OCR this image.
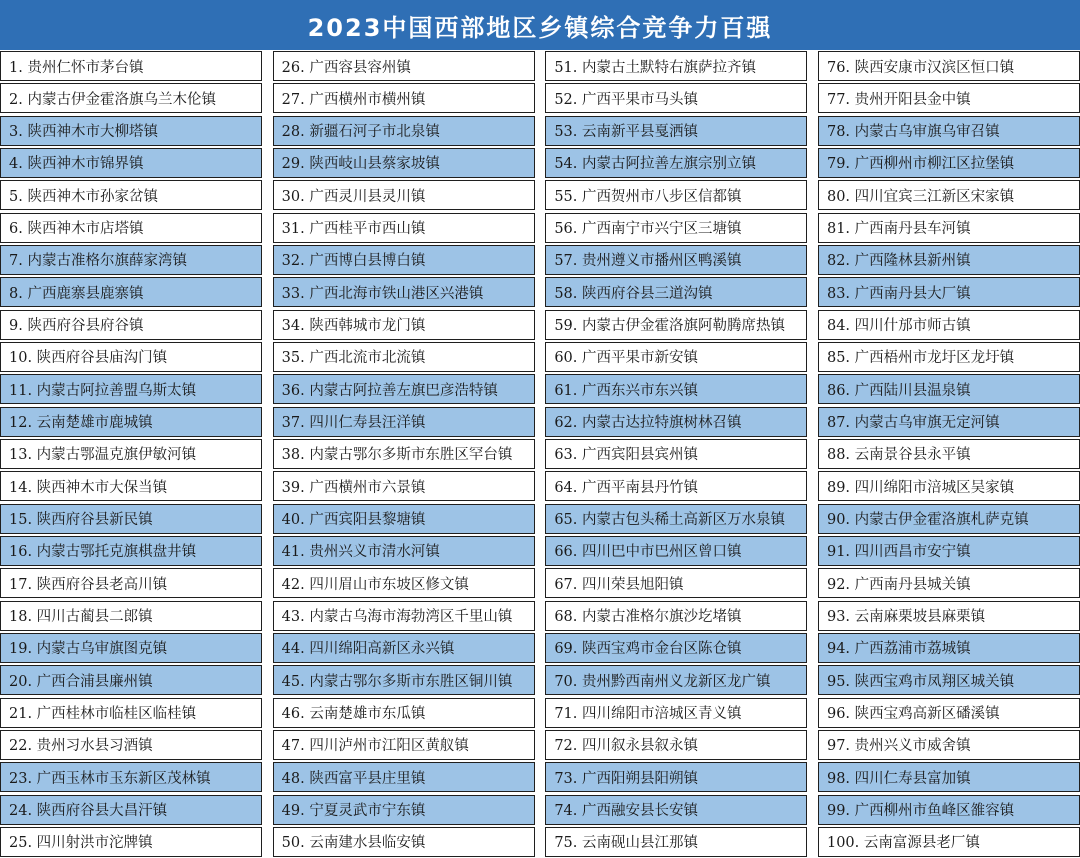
2023中国西部地区乡镇综合竞争力百强
1. 贵州仁怀市茅台镇
2. 内蒙古伊金霍洛旗乌兰木伦镇
3. 陕西神木市大柳塔镇
4. 陕西神木市锦界镇
5. 陕西神木市孙家岔镇
6. 陕西神木市店塔镇
7. 内蒙古准格尔旗薛家湾镇
8. 广西鹿寨县鹿寨镇
9. 陕西府谷县府谷镇
10. 陕西府谷县庙沟门镇
11. 内蒙古阿拉善盟乌斯太镇
12. 云南楚雄市鹿城镇
13. 内蒙古鄂温克旗伊敏河镇
14. 陕西神木市大保当镇
15. 陕西府谷县新民镇
16. 内蒙古鄂托克旗棋盘井镇
17. 陕西府谷县老高川镇
18. 四川古蔺县二郎镇
19. 内蒙古乌审旗图克镇
20. 广西合浦县廉州镇
21. 广西桂林市临桂区临桂镇
22. 贵州习水县习酒镇
23. 广西玉林市玉东新区茂林镇
24. 陕西府谷县大昌汗镇
25. 四川射洪市沱牌镇
26. 广西容县容州镇
27. 广西横州市横州镇
28. 新疆石河子市北泉镇
29. 陕西岐山县蔡家坡镇
30. 广西灵川县灵川镇
31. 广西桂平市西山镇
32. 广西博白县博白镇
33. 广西北海市铁山港区兴港镇
34. 陕西韩城市龙门镇
35. 广西北流市北流镇
36. 内蒙古阿拉善左旗巴彦浩特镇
37. 四川仁寿县汪洋镇
38. 内蒙古鄂尔多斯市东胜区罕台镇
39. 广西横州市六景镇
40. 广西宾阳县黎塘镇
41. 贵州兴义市清水河镇
42. 四川眉山市东坡区修文镇
43. 内蒙古乌海市海勃湾区千里山镇
44. 四川绵阳高新区永兴镇
45. 内蒙古鄂尔多斯市东胜区铜川镇
46. 云南楚雄市东瓜镇
47. 四川泸州市江阳区黄舣镇
48. 陕西富平县庄里镇
49. 宁夏灵武市宁东镇
50. 云南建水县临安镇
51. 内蒙古土默特右旗萨拉齐镇
52. 广西平果市马头镇
53. 云南新平县戛洒镇
54. 内蒙古阿拉善左旗宗别立镇
55. 广西贺州市八步区信都镇
56. 广西南宁市兴宁区三塘镇
57. 贵州遵义市播州区鸭溪镇
58. 陕西府谷县三道沟镇
59. 内蒙古伊金霍洛旗阿勒腾席热镇
60. 广西平果市新安镇
61. 广西东兴市东兴镇
62. 内蒙古达拉特旗树林召镇
63. 广西宾阳县宾州镇
64. 广西平南县丹竹镇
65. 内蒙古包头稀土高新区万水泉镇
66. 四川巴中市巴州区曾口镇
67. 四川荣县旭阳镇
68. 内蒙古准格尔旗沙圪堵镇
69. 陕西宝鸡市金台区陈仓镇
70. 贵州黔西南州义龙新区龙广镇
71. 四川绵阳市涪城区青义镇
72. 四川叙永县叙永镇
73. 广西阳朔县阳朔镇
74. 广西融安县长安镇
75. 云南砚山县江那镇
76. 陕西安康市汉滨区恒口镇
77. 贵州开阳县金中镇
78. 内蒙古乌审旗乌审召镇
79. 广西柳州市柳江区拉堡镇
80. 四川宜宾三江新区宋家镇
81. 广西南丹县车河镇
82. 广西隆林县新州镇
83. 广西南丹县大厂镇
84. 四川什邡市师古镇
85. 广西梧州市龙圩区龙圩镇
86. 广西陆川县温泉镇
87. 内蒙古乌审旗无定河镇
88. 云南景谷县永平镇
89. 四川绵阳市涪城区吴家镇
90. 内蒙古伊金霍洛旗札萨克镇
91. 四川西昌市安宁镇
92. 广西南丹县城关镇
93. 云南麻栗坡县麻栗镇
94. 广西荔浦市荔城镇
95. 陕西宝鸡市凤翔区城关镇
96. 陕西宝鸡高新区磻溪镇
97. 贵州兴义市威舍镇
98. 四川仁寿县富加镇
99. 广西柳州市鱼峰区雒容镇
100. 云南富源县老厂镇
